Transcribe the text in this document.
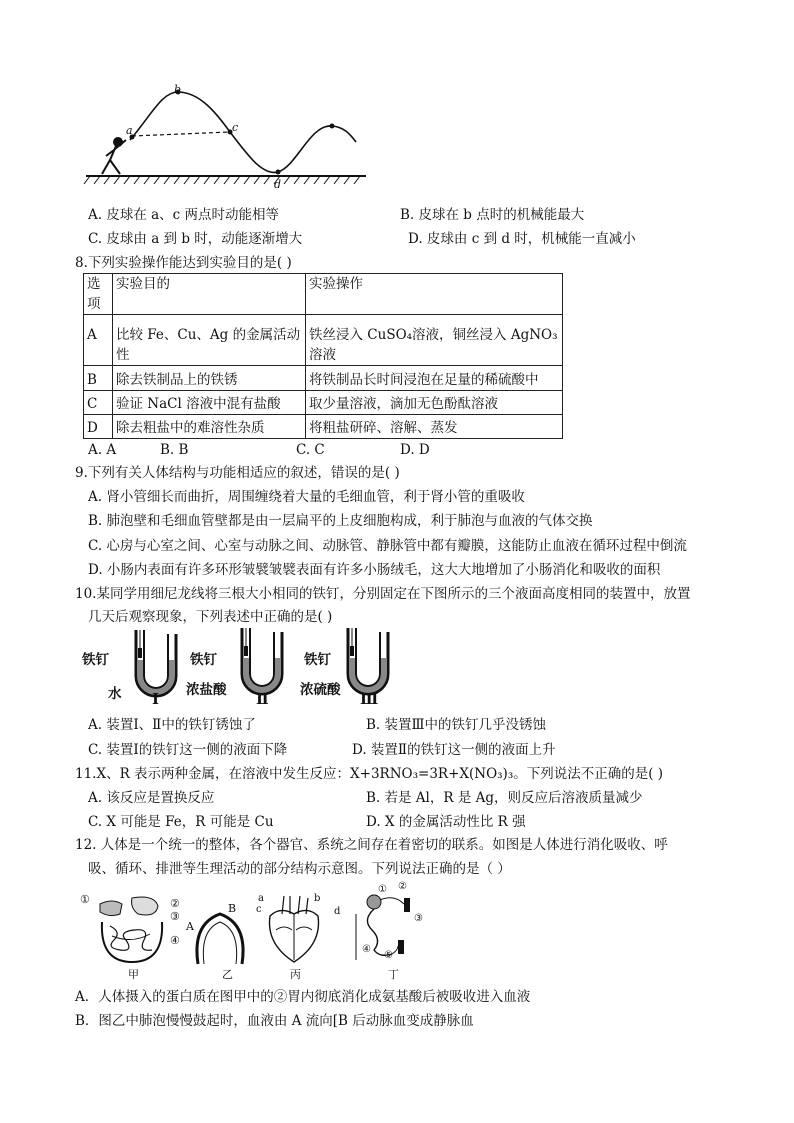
a
b
c
d
A. 皮球在 a、c 两点时动能相等	B. 皮球在 b 点时的机械能最大
C. 皮球由 a 到 b 时，动能逐渐增大	D. 皮球由 c 到 d 时，机械能一直减小
8.下列实验操作能达到实验目的是( )
选项	实验目的	实验操作
A	比较 Fe、Cu、Ag 的金属活动性	铁丝浸入 CuSO₄溶液，铜丝浸入 AgNO₃溶液
B	除去铁制品上的铁锈	将铁制品长时间浸泡在足量的稀硫酸中
C	验证 NaCl 溶液中混有盐酸	取少量溶液，滴加无色酚酞溶液
D	除去粗盐中的难溶性杂质	将粗盐研碎、溶解、蒸发
A. A	B. B	C. C	D. D
9.下列有关人体结构与功能相适应的叙述，错误的是( )
A. 肾小管细长而曲折，周围缠绕着大量的毛细血管，利于肾小管的重吸收
B. 肺泡壁和毛细血管壁都是由一层扁平的上皮细胞构成，利于肺泡与血液的气体交换
C. 心房与心室之间、心室与动脉之间、动脉管、静脉管中都有瓣膜，这能防止血液在循环过程中倒流
D. 小肠内表面有许多环形皱襞皱襞表面有许多小肠绒毛，这大大地增加了小肠消化和吸收的面积
10.某同学用细尼龙线将三根大小相同的铁钉，分别固定在下图所示的三个液面高度相同的装置中，放置
几天后观察现象，下列表述中正确的是( )
铁钉
水 Ⅰ
铁钉
浓盐酸 Ⅱ
铁钉
浓硫酸 Ⅲ
A. 装置Ⅰ、Ⅱ中的铁钉锈蚀了	B. 装置Ⅲ中的铁钉几乎没锈蚀
C. 装置Ⅰ的铁钉这一侧的液面下降	D. 装置Ⅱ的铁钉这一侧的液面上升
11.X、R 表示两种金属，在溶液中发生反应：X+3RNO₃=3R+X(NO₃)₃。下列说法不正确的是( )
A. 该反应是置换反应	B. 若是 Al，R 是 Ag，则反应后溶液质量减少
C. X 可能是 Fe，R 可能是 Cu	D. X 的金属活动性比 R 强
12. 人体是一个统一的整体，各个器官、系统之间存在着密切的联系。如图是人体进行消化吸收、呼
吸、循环、排泄等生理活动的部分结构示意图。下列说法正确的是（ ）
①	②
③
④
甲
A
B
乙
a	b
c	d
丙
① ②
③
④
⑤
丁
A．人体摄入的蛋白质在图甲中的②胃内彻底消化成氨基酸后被吸收进入血液
B．图乙中肺泡慢慢鼓起时，血液由 A 流向[B 后动脉血变成静脉血
